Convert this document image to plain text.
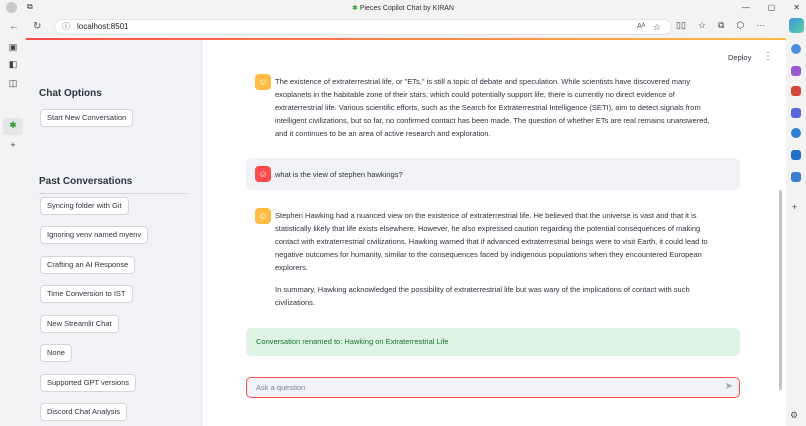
⧉	✱ Pieces Copilot Chat by KIRAN	— ▢ ✕
← ↻	ⓘ localhost:8501	Aᴬ ☆ ▯▯ ☆ ⧉ ⬡ ···
▣
◧
◫
✱
+
+
Chat Options
Start New Conversation
Past Conversations
Syncing folder with Git
Ignoring venv named myenv
Crafting an AI Response
Time Conversion to IST
New Streamlit Chat
None
Supported GPT versions
Discord Chat Analysis
Deploy ⋮
☺ The existence of extraterrestrial life, or "ETs," is still a topic of debate and speculation. While scientists have discovered many
exoplanets in the habitable zone of their stars, which could potentially support life, there is currently no direct evidence of
extraterrestrial life. Various scientific efforts, such as the Search for Extraterrestrial Intelligence (SETI), aim to detect signals from
intelligent civilizations, but so far, no confirmed contact has been made. The question of whether ETs are real remains unanswered,
and it continues to be an area of active research and exploration.
☺ what is the view of stephen hawkings?
☺ Stephen Hawking had a nuanced view on the existence of extraterrestrial life. He believed that the universe is vast and that it is
statistically likely that life exists elsewhere. However, he also expressed caution regarding the potential consequences of making
contact with extraterrestrial civilizations. Hawking warned that if advanced extraterrestrial beings were to visit Earth, it could lead to
negative outcomes for humanity, similar to the consequences faced by indigenous populations when they encountered European
explorers.
In summary, Hawking acknowledged the possibility of extraterrestrial life but was wary of the implications of contact with such
civilizations.
Conversation renamed to: Hawking on Extraterrestrial Life
Ask a question	➤
⚙
